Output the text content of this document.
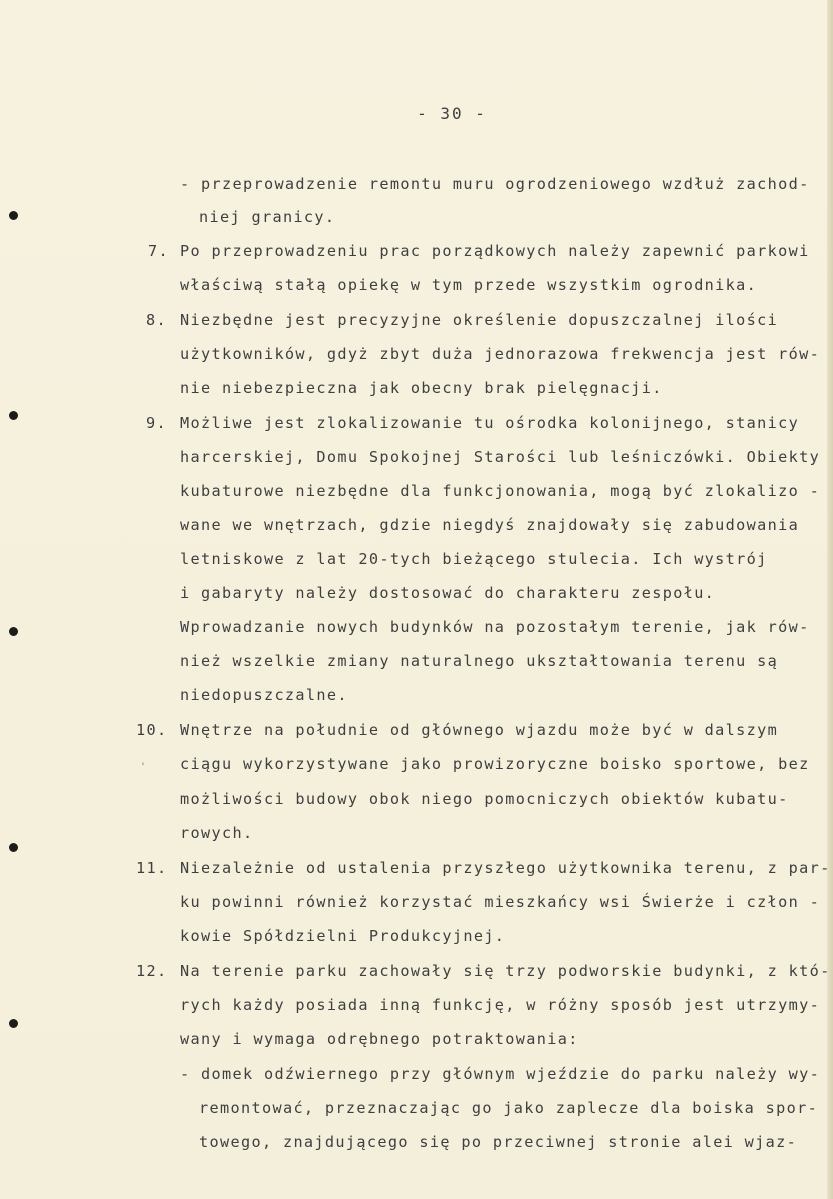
- 30 -
ʿ
- przeprowadzenie remontu muru ogrodzeniowego wzdłuż zachod-
niej granicy.
7. Po przeprowadzeniu prac porządkowych należy zapewnić parkowi
właściwą stałą opiekę w tym przede wszystkim ogrodnika.
8. Niezbędne jest precyzyjne określenie dopuszczalnej ilości
użytkowników, gdyż zbyt duża jednorazowa frekwencja jest rów-
nie niebezpieczna jak obecny brak pielęgnacji.
9. Możliwe jest zlokalizowanie tu ośrodka kolonijnego, stanicy
harcerskiej, Domu Spokojnej Starości lub leśniczówki. Obiekty
kubaturowe niezbędne dla funkcjonowania, mogą być zlokalizo -
wane we wnętrzach, gdzie niegdyś znajdowały się zabudowania
letniskowe z lat 20-tych bieżącego stulecia. Ich wystrój
i gabaryty należy dostosować do charakteru zespołu.
Wprowadzanie nowych budynków na pozostałym terenie, jak rów-
nież wszelkie zmiany naturalnego ukształtowania terenu są
niedopuszczalne.
10. Wnętrze na południe od głównego wjazdu może być w dalszym
ciągu wykorzystywane jako prowizoryczne boisko sportowe, bez
możliwości budowy obok niego pomocniczych obiektów kubatu-
rowych.
11. Niezależnie od ustalenia przyszłego użytkownika terenu, z par-
ku powinni również korzystać mieszkańcy wsi Świerże i człon -
kowie Spółdzielni Produkcyjnej.
12. Na terenie parku zachowały się trzy podworskie budynki, z któ-
rych każdy posiada inną funkcję, w różny sposób jest utrzymy-
wany i wymaga odrębnego potraktowania:
- domek odźwiernego przy głównym wjeździe do parku należy wy-
remontować, przeznaczając go jako zaplecze dla boiska spor-
towego, znajdującego się po przeciwnej stronie alei wjaz-
